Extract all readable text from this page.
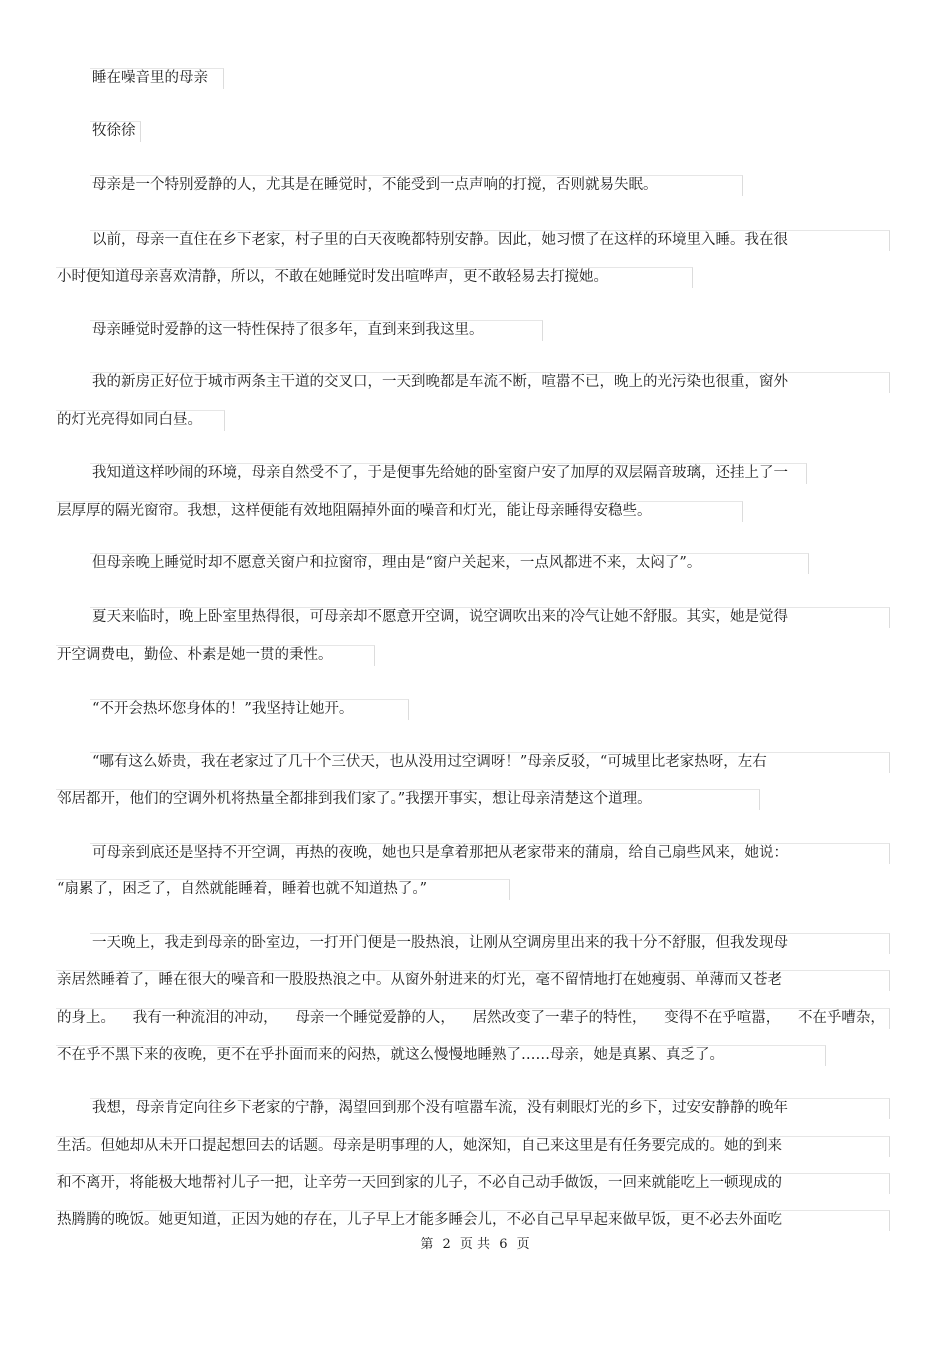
睡在噪音里的母亲
牧徐徐
母亲是一个特别爱静的人，尤其是在睡觉时，不能受到一点声响的打搅，否则就易失眠。
以前，母亲一直住在乡下老家，村子里的白天夜晚都特别安静。因此，她习惯了在这样的环境里入睡。我在很
小时便知道母亲喜欢清静，所以，不敢在她睡觉时发出喧哗声，更不敢轻易去打搅她。
母亲睡觉时爱静的这一特性保持了很多年，直到来到我这里。
我的新房正好位于城市两条主干道的交叉口，一天到晚都是车流不断，喧嚣不已，晚上的光污染也很重，窗外
的灯光亮得如同白昼。
我知道这样吵闹的环境，母亲自然受不了，于是便事先给她的卧室窗户安了加厚的双层隔音玻璃，还挂上了一
层厚厚的隔光窗帘。我想，这样便能有效地阻隔掉外面的噪音和灯光，能让母亲睡得安稳些。
但母亲晚上睡觉时却不愿意关窗户和拉窗帘，理由是“窗户关起来，一点风都进不来，太闷了”。
夏天来临时，晚上卧室里热得很，可母亲却不愿意开空调，说空调吹出来的冷气让她不舒服。其实，她是觉得
开空调费电，勤俭、朴素是她一贯的秉性。
“不开会热坏您身体的！”我坚持让她开。
“哪有这么娇贵，我在老家过了几十个三伏天，也从没用过空调呀！”母亲反驳，“可城里比老家热呀，左右
邻居都开，他们的空调外机将热量全都排到我们家了。”我摆开事实，想让母亲清楚这个道理。
可母亲到底还是坚持不开空调，再热的夜晚，她也只是拿着那把从老家带来的蒲扇，给自己扇些风来，她说：
“扇累了，困乏了，自然就能睡着，睡着也就不知道热了。”
一天晚上，我走到母亲的卧室边，一打开门便是一股热浪，让刚从空调房里出来的我十分不舒服，但我发现母
亲居然睡着了，睡在很大的噪音和一股股热浪之中。从窗外射进来的灯光，毫不留情地打在她瘦弱、单薄而又苍老
的身上。 我有一种流泪的冲动， 母亲一个睡觉爱静的人， 居然改变了一辈子的特性， 变得不在乎喧嚣， 不在乎嘈杂，
不在乎不黑下来的夜晚，更不在乎扑面而来的闷热，就这么慢慢地睡熟了……母亲，她是真累、真乏了。
我想，母亲肯定向往乡下老家的宁静，渴望回到那个没有喧嚣车流，没有刺眼灯光的乡下，过安安静静的晚年
生活。但她却从未开口提起想回去的话题。母亲是明事理的人，她深知，自己来这里是有任务要完成的。她的到来
和不离开，将能极大地帮衬儿子一把，让辛劳一天回到家的儿子，不必自己动手做饭，一回来就能吃上一顿现成的
热腾腾的晚饭。她更知道，正因为她的存在，儿子早上才能多睡会儿，不必自己早早起来做早饭，更不必去外面吃
第 2 页 共 6 页
